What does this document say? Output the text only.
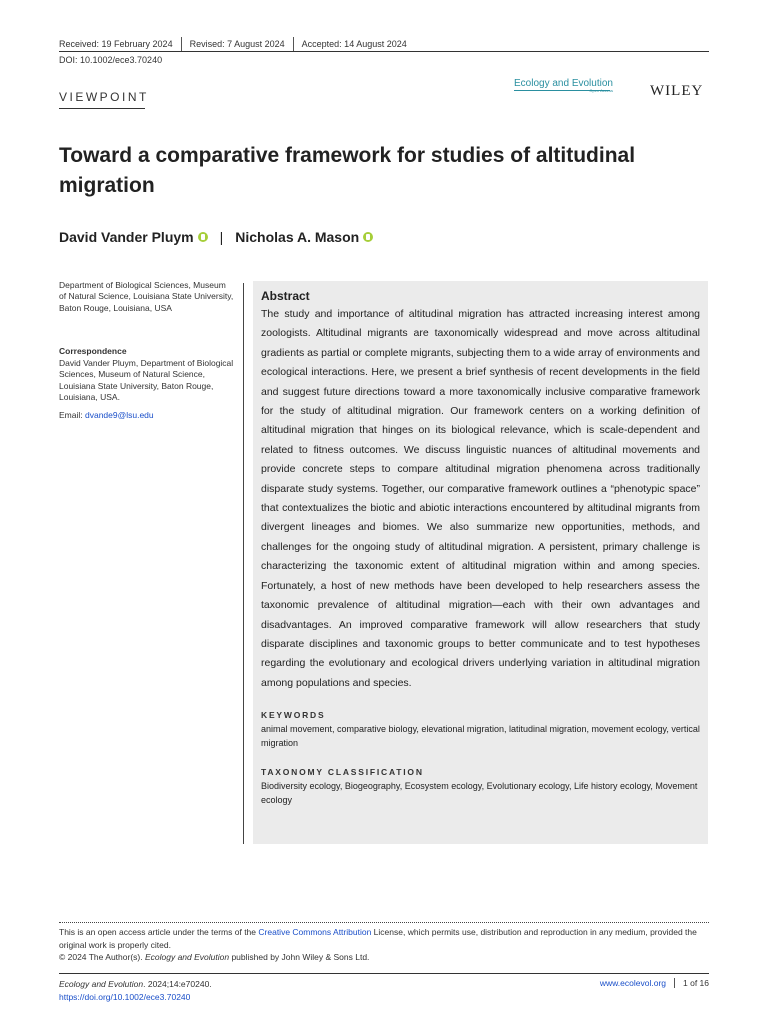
Received: 19 February 2024	Revised: 7 August 2024	Accepted: 14 August 2024
DOI: 10.1002/ece3.70240
VIEWPOINT
Ecology and Evolution
Open Access WILEY
Toward a comparative framework for studies of altitudinal migration
David Vander Pluym | Nicholas A. Mason
Department of Biological Sciences, Museum of Natural Science, Louisiana State University, Baton Rouge, Louisiana, USA
Correspondence
David Vander Pluym, Department of Biological Sciences, Museum of Natural Science, Louisiana State University, Baton Rouge, Louisiana, USA.
Email: dvande9@lsu.edu
Abstract

The study and importance of altitudinal migration has attracted increasing interest among zoologists. Altitudinal migrants are taxonomically widespread and move across altitudinal gradients as partial or complete migrants, subjecting them to a wide array of environments and ecological interactions. Here, we present a brief synthesis of recent developments in the field and suggest future directions toward a more taxonomically inclusive comparative framework for the study of altitudinal migration. Our framework centers on a working definition of altitudinal migration that hinges on its biological relevance, which is scale-dependent and related to fitness outcomes. We discuss linguistic nuances of altitudinal movements and provide concrete steps to compare altitudinal migration phenomena across traditionally disparate study systems. Together, our comparative framework outlines a “phenotypic space” that contextualizes the biotic and abiotic interactions encountered by altitudinal migrants from divergent lineages and biomes. We also summarize new opportunities, methods, and challenges for the ongoing study of altitudinal migration. A persistent, primary challenge is characterizing the taxonomic extent of altitudinal migration within and among species. Fortunately, a host of new methods have been developed to help researchers assess the taxonomic prevalence of altitudinal migration—each with their own advantages and disadvantages. An improved comparative framework will allow researchers that study disparate disciplines and taxonomic groups to better communicate and to test hypotheses regarding the evolutionary and ecological drivers underlying variation in altitudinal migration among populations and species.

KEYWORDS
animal movement, comparative biology, elevational migration, latitudinal migration, movement ecology, vertical migration
TAXONOMY CLASSIFICATION
Biodiversity ecology, Biogeography, Ecosystem ecology, Evolutionary ecology, Life history ecology, Movement ecology
This is an open access article under the terms of the Creative Commons Attribution License, which permits use, distribution and reproduction in any medium, provided the original work is properly cited.
© 2024 The Author(s). Ecology and Evolution published by John Wiley & Sons Ltd.
Ecology and Evolution. 2024;14:e70240.
https://doi.org/10.1002/ece3.70240
www.ecolevol.org	1 of 16
